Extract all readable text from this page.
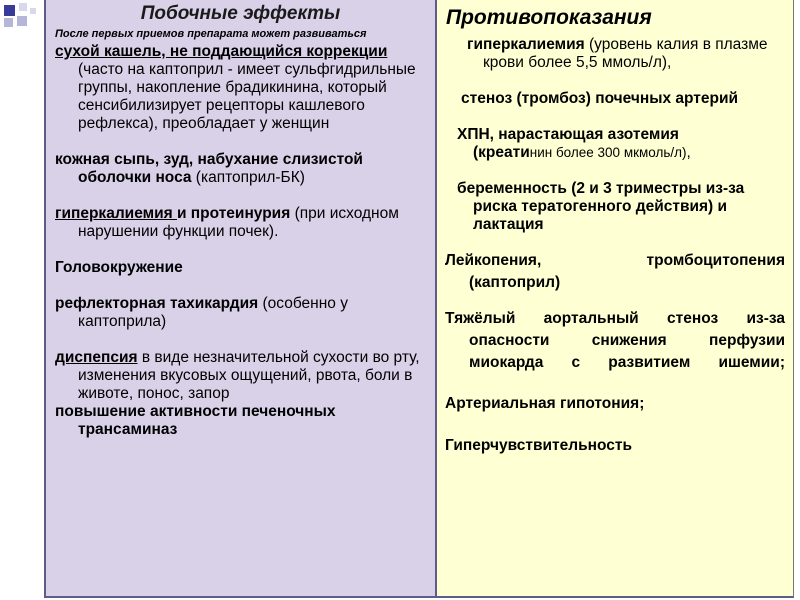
Побочные эффекты
После первых приемов препарата может развиваться
сухой кашель, не поддающийся коррекции (часто на каптоприл - имеет сульфгидрильные группы, накопление брадикинина, который сенсибилизирует рецепторы кашлевого рефлекса), преобладает у женщин
кожная сыпь, зуд, набухание слизистой оболочки носа (каптоприл-БК)
гиперкалиемия и протеинурия (при исходном нарушении функции почек).
Головокружение
рефлекторная тахикардия (особенно у каптоприла)
диспепсия в виде незначительной сухости во рту, изменения вкусовых ощущений, рвота, боли в животе, понос, запор
повышение активности печеночных трансаминаз
Противопоказания
гиперкалиемия (уровень калия в плазме крови более 5,5 ммоль/л),
стеноз (тромбоз) почечных артерий
ХПН, нарастающая азотемия
(креатинин более 300 мкмоль/л),
беременность (2 и 3 триместры из-за риска тератогенного действия) и лактация
Лейкопения, тромбоцитопения
(каптоприл)
Тяжёлый аортальный стеноз из-за
опасности снижения перфузии
миокарда с развитием ишемии;
Артериальная гипотония;
Гиперчувствительность
